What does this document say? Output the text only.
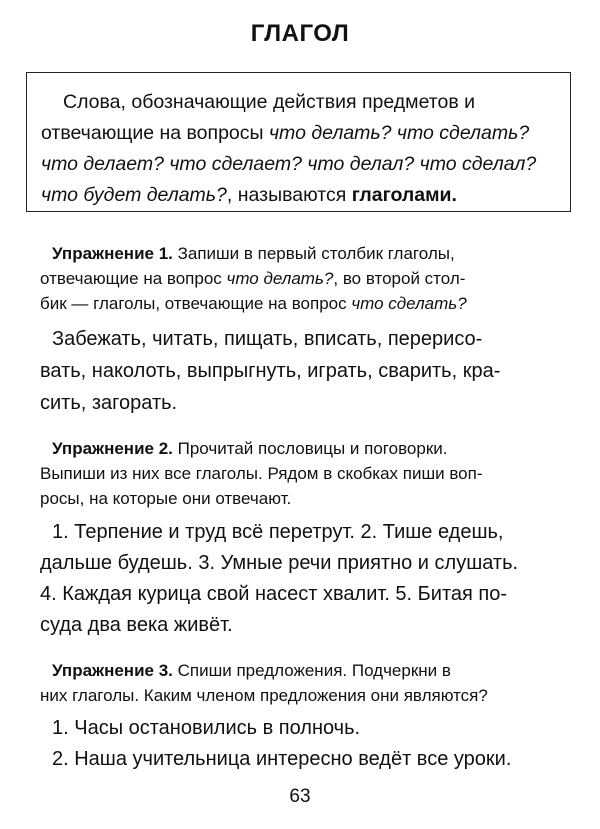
ГЛАГОЛ
Слова, обозначающие действия предметов и
отвечающие на вопросы что делать? что сделать?
что делает? что сделает? что делал? что сделал?
что будет делать?, называются глаголами.
Упражнение 1. Запиши в первый столбик глаголы,
отвечающие на вопрос что делать?, во второй стол-
бик — глаголы, отвечающие на вопрос что сделать?
Забежать, читать, пищать, вписать, перерисо-
вать, наколоть, выпрыгнуть, играть, сварить, кра-
сить, загорать.
Упражнение 2. Прочитай пословицы и поговорки.
Выпиши из них все глаголы. Рядом в скобках пиши воп-
росы, на которые они отвечают.
1. Терпение и труд всё перетрут. 2. Тише едешь,
дальше будешь. 3. Умные речи приятно и слушать.
4. Каждая курица свой насест хвалит. 5. Битая по-
суда два века живёт.
Упражнение 3. Спиши предложения. Подчеркни в
них глаголы. Каким членом предложения они являются?
1. Часы остановились в полночь.
2. Наша учительница интересно ведёт все уроки.
63
